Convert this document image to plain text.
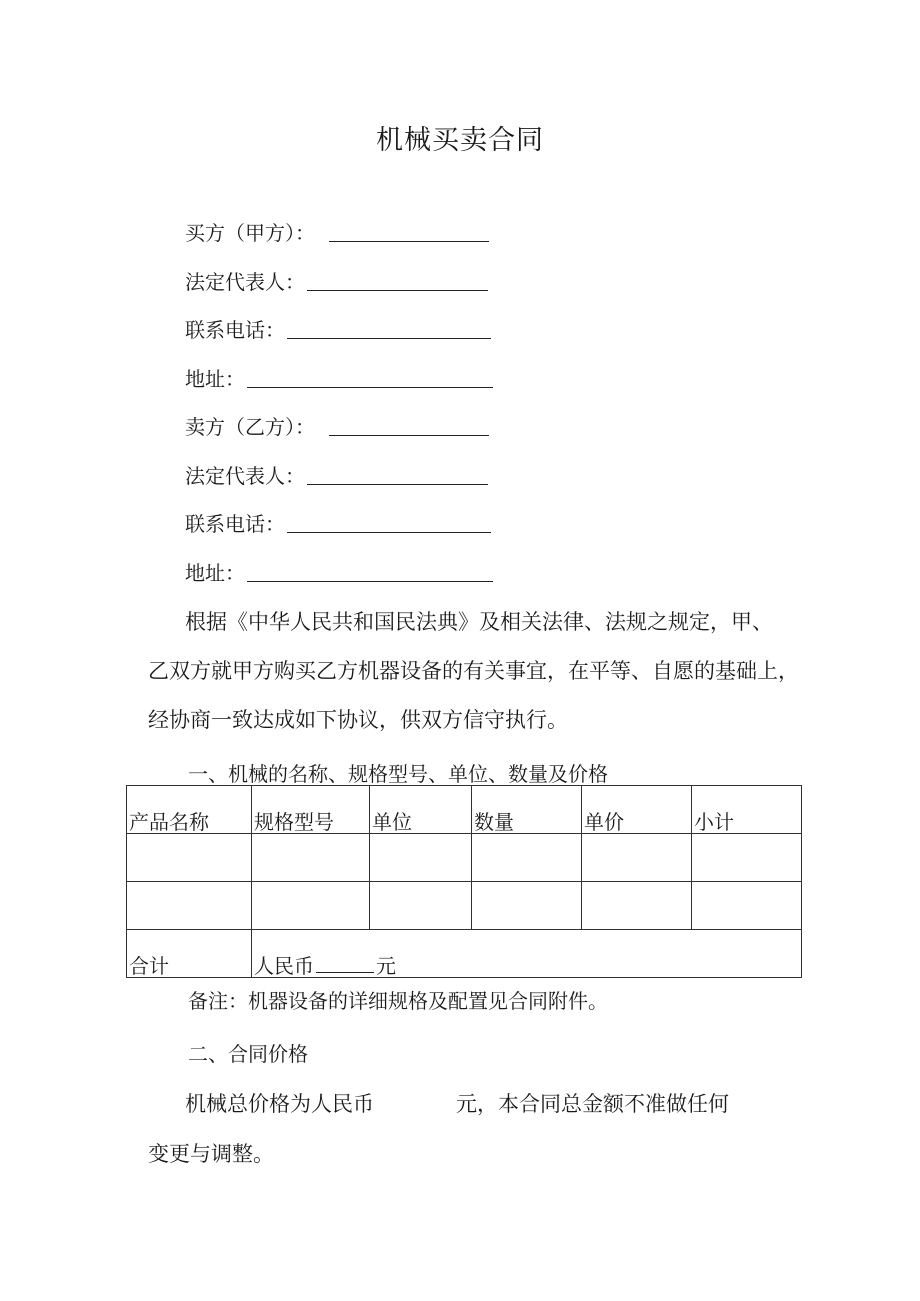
机械买卖合同
买方（甲方）：
法定代表人：
联系电话：
地址：
卖方（乙方）：
法定代表人：
联系电话：
地址：
根据《中华人民共和国民法典》及相关法律、法规之规定，甲、
乙双方就甲方购买乙方机器设备的有关事宜，在平等、自愿的基础上，
经协商一致达成如下协议，供双方信守执行。
一、机械的名称、规格型号、单位、数量及价格
产品名称	规格型号	单位	数量	单价	小计

合计	人民币 元				
备注：机器设备的详细规格及配置见合同附件。
二、合同价格
机械总价格为人民币	元，本合同总金额不准做任何
变更与调整。
